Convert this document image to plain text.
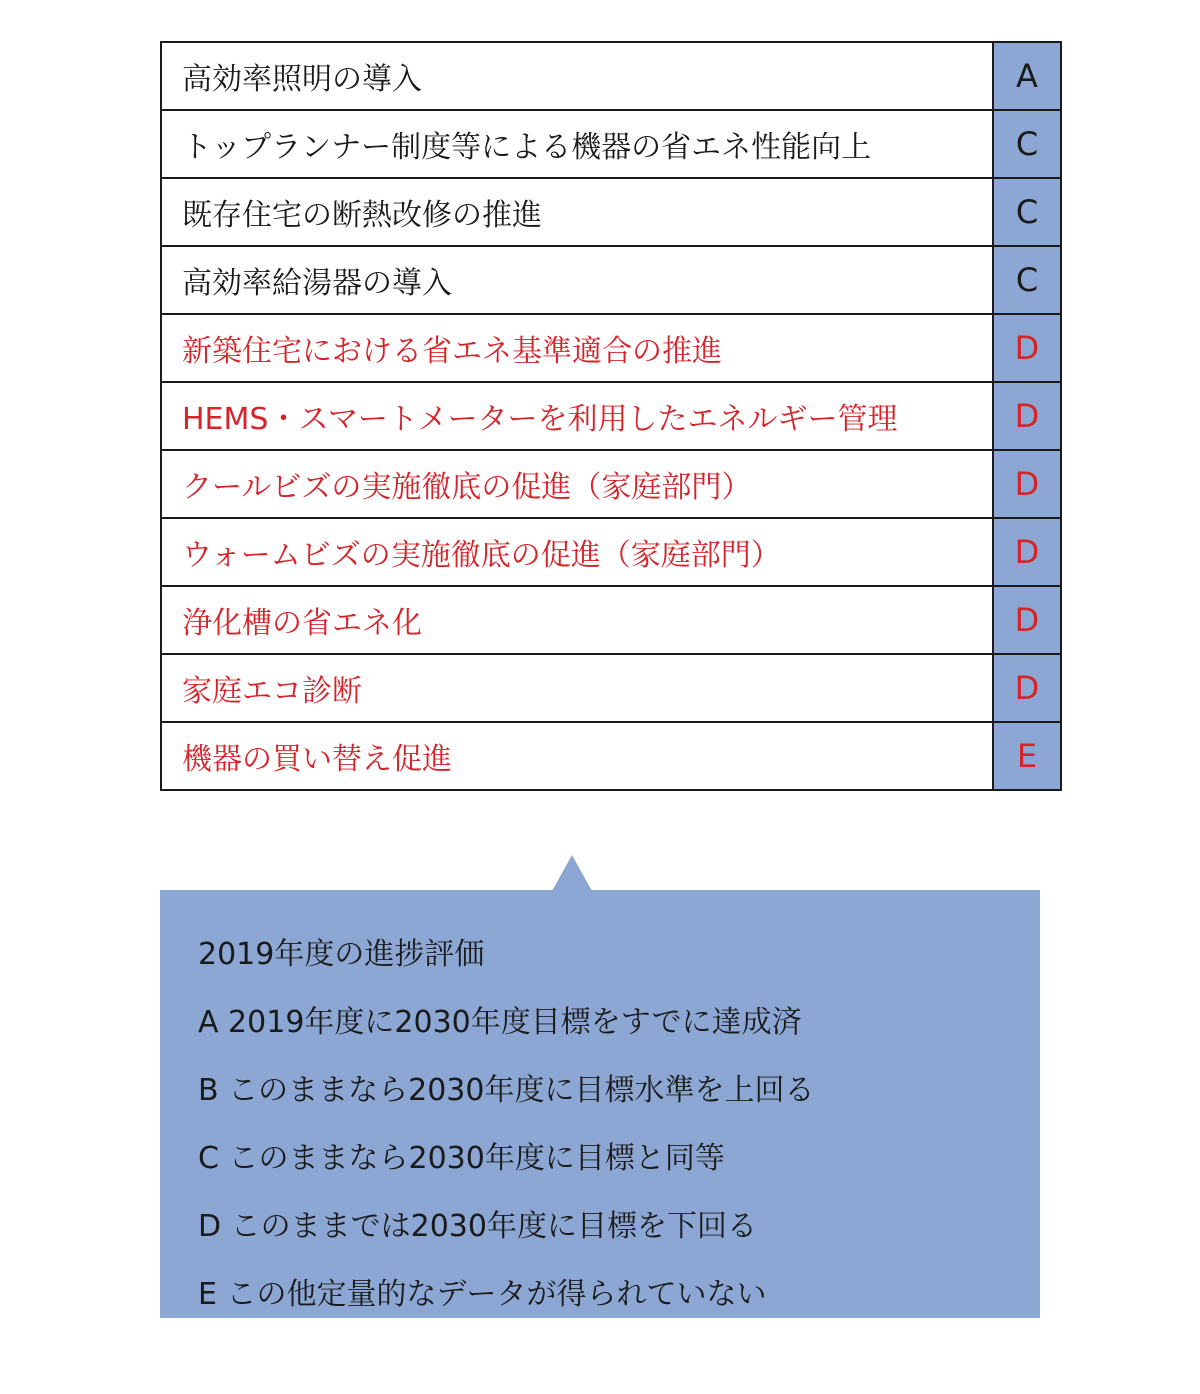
高効率照明の導入	A
トップランナー制度等による機器の省エネ性能向上	C
既存住宅の断熱改修の推進	C
高効率給湯器の導入	C
新築住宅における省エネ基準適合の推進	D
HEMS・スマートメーターを利用したエネルギー管理	D
クールビズの実施徹底の促進（家庭部門）	D
ウォームビズの実施徹底の促進（家庭部門）	D
浄化槽の省エネ化	D
家庭エコ診断	D
機器の買い替え促進	E
2019年度の進捗評価
A 2019年度に2030年度目標をすでに達成済
B このままなら2030年度に目標水準を上回る
C このままなら2030年度に目標と同等
D このままでは2030年度に目標を下回る
E この他定量的なデータが得られていない
